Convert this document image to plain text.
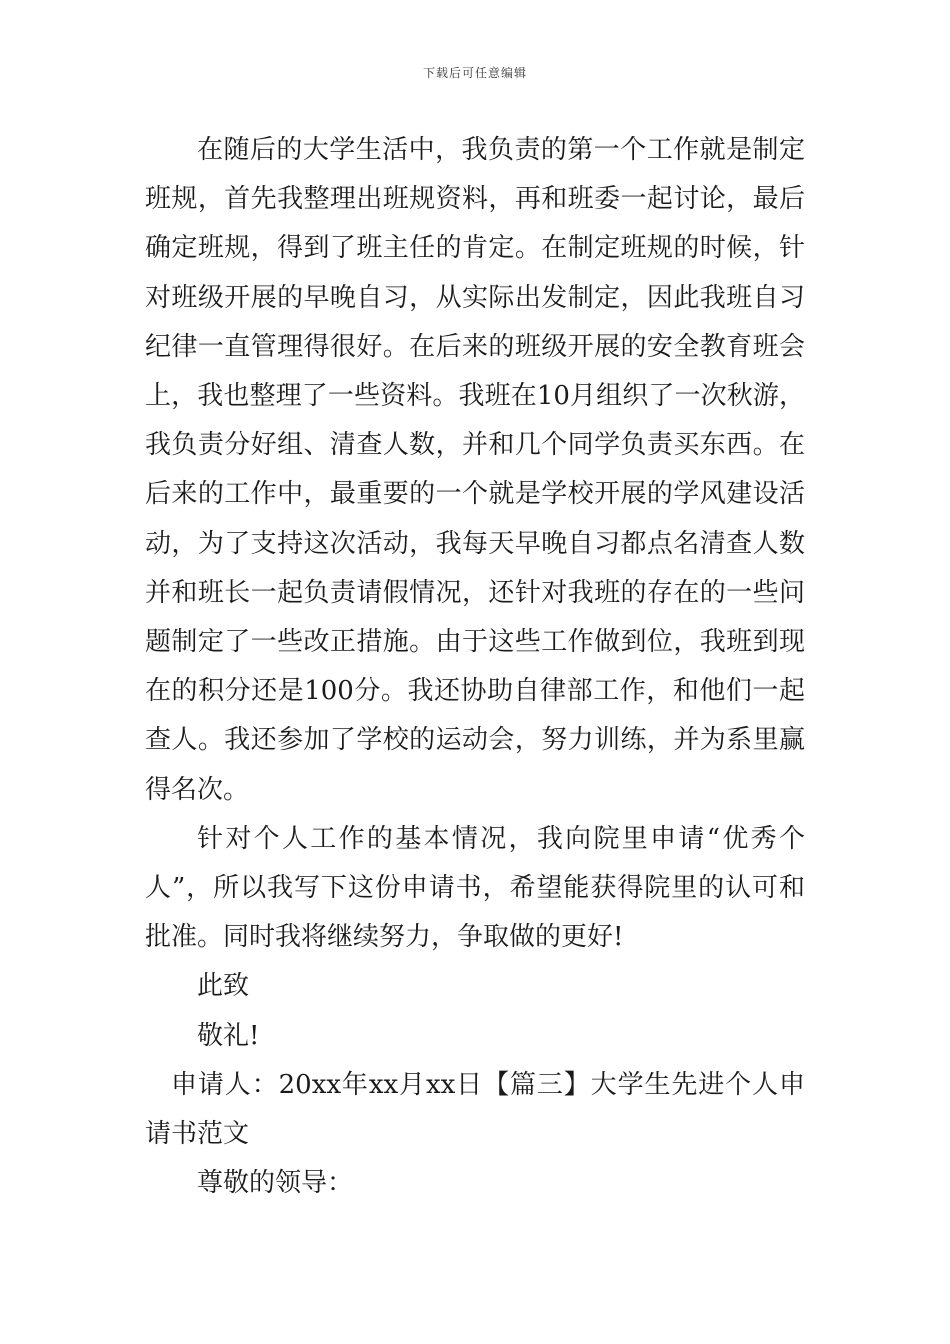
下载后可任意编辑

在随后的大学生活中，我负责的第一个工作就是制定班规，首先我整理出班规资料，再和班委一起讨论，最后确定班规，得到了班主任的肯定。在制定班规的时候，针对班级开展的早晚自习，从实际出发制定，因此我班自习纪律一直管理得很好。在后来的班级开展的安全教育班会上，我也整理了一些资料。我班在10月组织了一次秋游，我负责分好组、清查人数，并和几个同学负责买东西。在后来的工作中，最重要的一个就是学校开展的学风建设活动，为了支持这次活动，我每天早晚自习都点名清查人数并和班长一起负责请假情况，还针对我班的存在的一些问题制定了一些改正措施。由于这些工作做到位，我班到现在的积分还是100分。我还协助自律部工作，和他们一起查人。我还参加了学校的运动会，努力训练，并为系里赢得名次。

针对个人工作的基本情况，我向院里申请“优秀个人”，所以我写下这份申请书，希望能获得院里的认可和批准。同时我将继续努力，争取做的更好!

此致

敬礼!

申请人：20xx年xx月xx日【篇三】大学生先进个人申请书范文

尊敬的领导：
